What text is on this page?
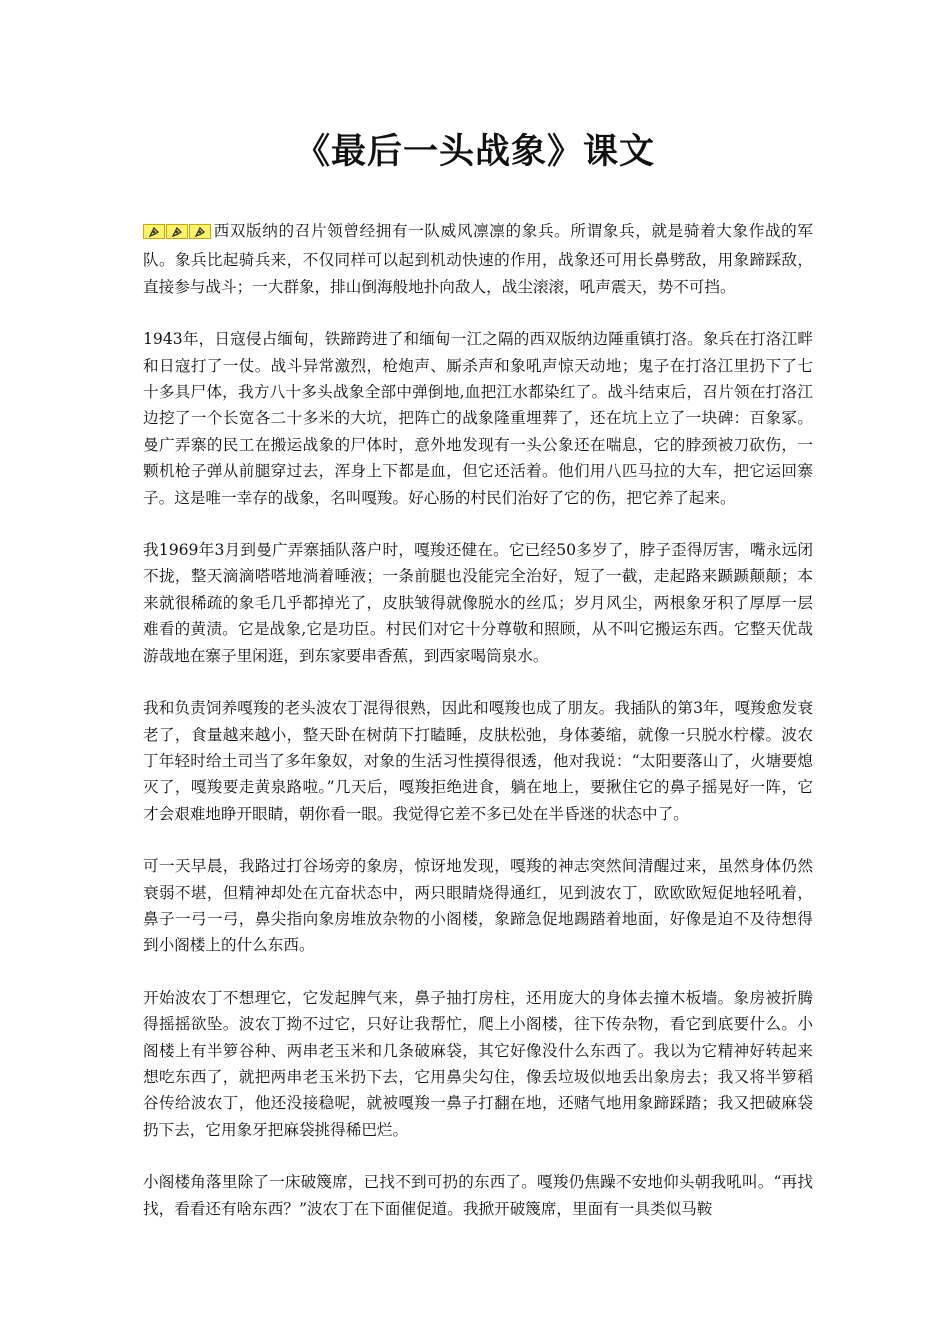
《最后一头战象》课文

西双版纳的召片领曾经拥有一队威风凛凛的象兵。所谓象兵，就是骑着大象作战的军队。象兵比起骑兵来，不仅同样可以起到机动快速的作用，战象还可用长鼻劈敌，用象蹄踩敌，直接参与战斗；一大群象，排山倒海般地扑向敌人，战尘滚滚，吼声震天，势不可挡。

1943年，日寇侵占缅甸，铁蹄跨进了和缅甸一江之隔的西双版纳边陲重镇打洛。象兵在打洛江畔和日寇打了一仗。战斗异常激烈，枪炮声、厮杀声和象吼声惊天动地；鬼子在打洛江里扔下了七十多具尸体，我方八十多头战象全部中弹倒地,血把江水都染红了。战斗结束后，召片领在打洛江边挖了一个长宽各二十多米的大坑，把阵亡的战象隆重埋葬了，还在坑上立了一块碑：百象冢。曼广弄寨的民工在搬运战象的尸体时，意外地发现有一头公象还在喘息，它的脖颈被刀砍伤，一颗机枪子弹从前腿穿过去，浑身上下都是血，但它还活着。他们用八匹马拉的大车，把它运回寨子。这是唯一幸存的战象，名叫嘎羧。好心肠的村民们治好了它的伤，把它养了起来。

我1969年3月到曼广弄寨插队落户时，嘎羧还健在。它已经50多岁了，脖子歪得厉害，嘴永远闭不拢，整天滴滴嗒嗒地淌着唾液；一条前腿也没能完全治好，短了一截，走起路来踬踬颠颠；本来就很稀疏的象毛几乎都掉光了，皮肤皱得就像脱水的丝瓜；岁月风尘，两根象牙积了厚厚一层难看的黄渍。它是战象,它是功臣。村民们对它十分尊敬和照顾，从不叫它搬运东西。它整天优哉游哉地在寨子里闲逛，到东家要串香蕉，到西家喝筒泉水。

我和负责饲养嘎羧的老头波农丁混得很熟，因此和嘎羧也成了朋友。我插队的第3年，嘎羧愈发衰老了，食量越来越小，整天卧在树荫下打瞌睡，皮肤松弛，身体萎缩，就像一只脱水柠檬。波农丁年轻时给土司当了多年象奴，对象的生活习性摸得很透，他对我说：“太阳要落山了，火塘要熄灭了，嘎羧要走黄泉路啦。”几天后，嘎羧拒绝进食，躺在地上，要揪住它的鼻子摇晃好一阵，它才会艰难地睁开眼睛，朝你看一眼。我觉得它差不多已处在半昏迷的状态中了。

可一天早晨，我路过打谷场旁的象房，惊讶地发现，嘎羧的神志突然间清醒过来，虽然身体仍然衰弱不堪，但精神却处在亢奋状态中，两只眼睛烧得通红，见到波农丁，欧欧欧短促地轻吼着，鼻子一弓一弓，鼻尖指向象房堆放杂物的小阁楼，象蹄急促地踢踏着地面，好像是迫不及待想得到小阁楼上的什么东西。

开始波农丁不想理它，它发起脾气来，鼻子抽打房柱，还用庞大的身体去撞木板墙。象房被折腾得摇摇欲坠。波农丁拗不过它，只好让我帮忙，爬上小阁楼，往下传杂物，看它到底要什么。小阁楼上有半箩谷种、两串老玉米和几条破麻袋，其它好像没什么东西了。我以为它精神好转起来想吃东西了，就把两串老玉米扔下去，它用鼻尖勾住，像丢垃圾似地丢出象房去；我又将半箩稻谷传给波农丁，他还没接稳呢，就被嘎羧一鼻子打翻在地，还赌气地用象蹄踩踏；我又把破麻袋扔下去，它用象牙把麻袋挑得稀巴烂。

小阁楼角落里除了一床破篾席，已找不到可扔的东西了。嘎羧仍焦躁不安地仰头朝我吼叫。“再找找，看看还有啥东西？”波农丁在下面催促道。我掀开破篾席，里面有一具类似马鞍
